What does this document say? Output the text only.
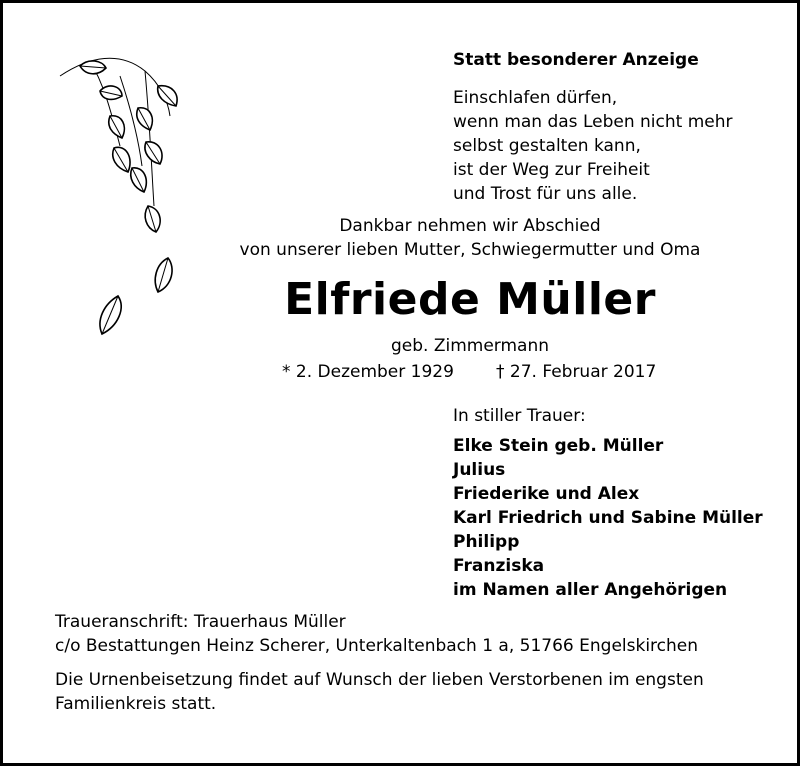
Statt besonderer Anzeige
Einschlafen dürfen,
wenn man das Leben nicht mehr
selbst gestalten kann,
ist der Weg zur Freiheit
und Trost für uns alle.
Dankbar nehmen wir Abschied
von unserer lieben Mutter, Schwiegermutter und Oma
Elfriede Müller
geb. Zimmermann
* 2. Dezember 1929 † 27. Februar 2017
In stiller Trauer:
Elke Stein geb. Müller
Julius
Friederike und Alex
Karl Friedrich und Sabine Müller
Philipp
Franziska
im Namen aller Angehörigen
Traueranschrift: Trauerhaus Müller
c/o Bestattungen Heinz Scherer, Unterkaltenbach 1 a, 51766 Engelskirchen
Die Urnenbeisetzung findet auf Wunsch der lieben Verstorbenen im engsten
Familienkreis statt.
